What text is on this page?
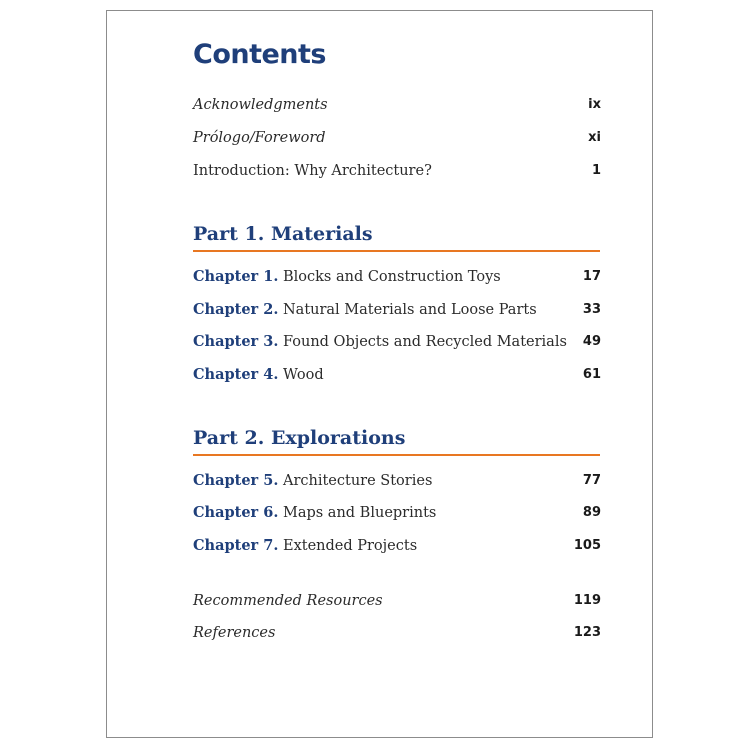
Contents
Acknowledgments	ix
Prólogo/Foreword	xi
Introduction: Why Architecture?	1
Part 1. Materials
Chapter 1. Blocks and Construction Toys	17
Chapter 2. Natural Materials and Loose Parts	33
Chapter 3. Found Objects and Recycled Materials 49
Chapter 4. Wood	61
Part 2. Explorations
Chapter 5. Architecture Stories	77
Chapter 6. Maps and Blueprints	89
Chapter 7. Extended Projects	105
Recommended Resources	119
References	123
